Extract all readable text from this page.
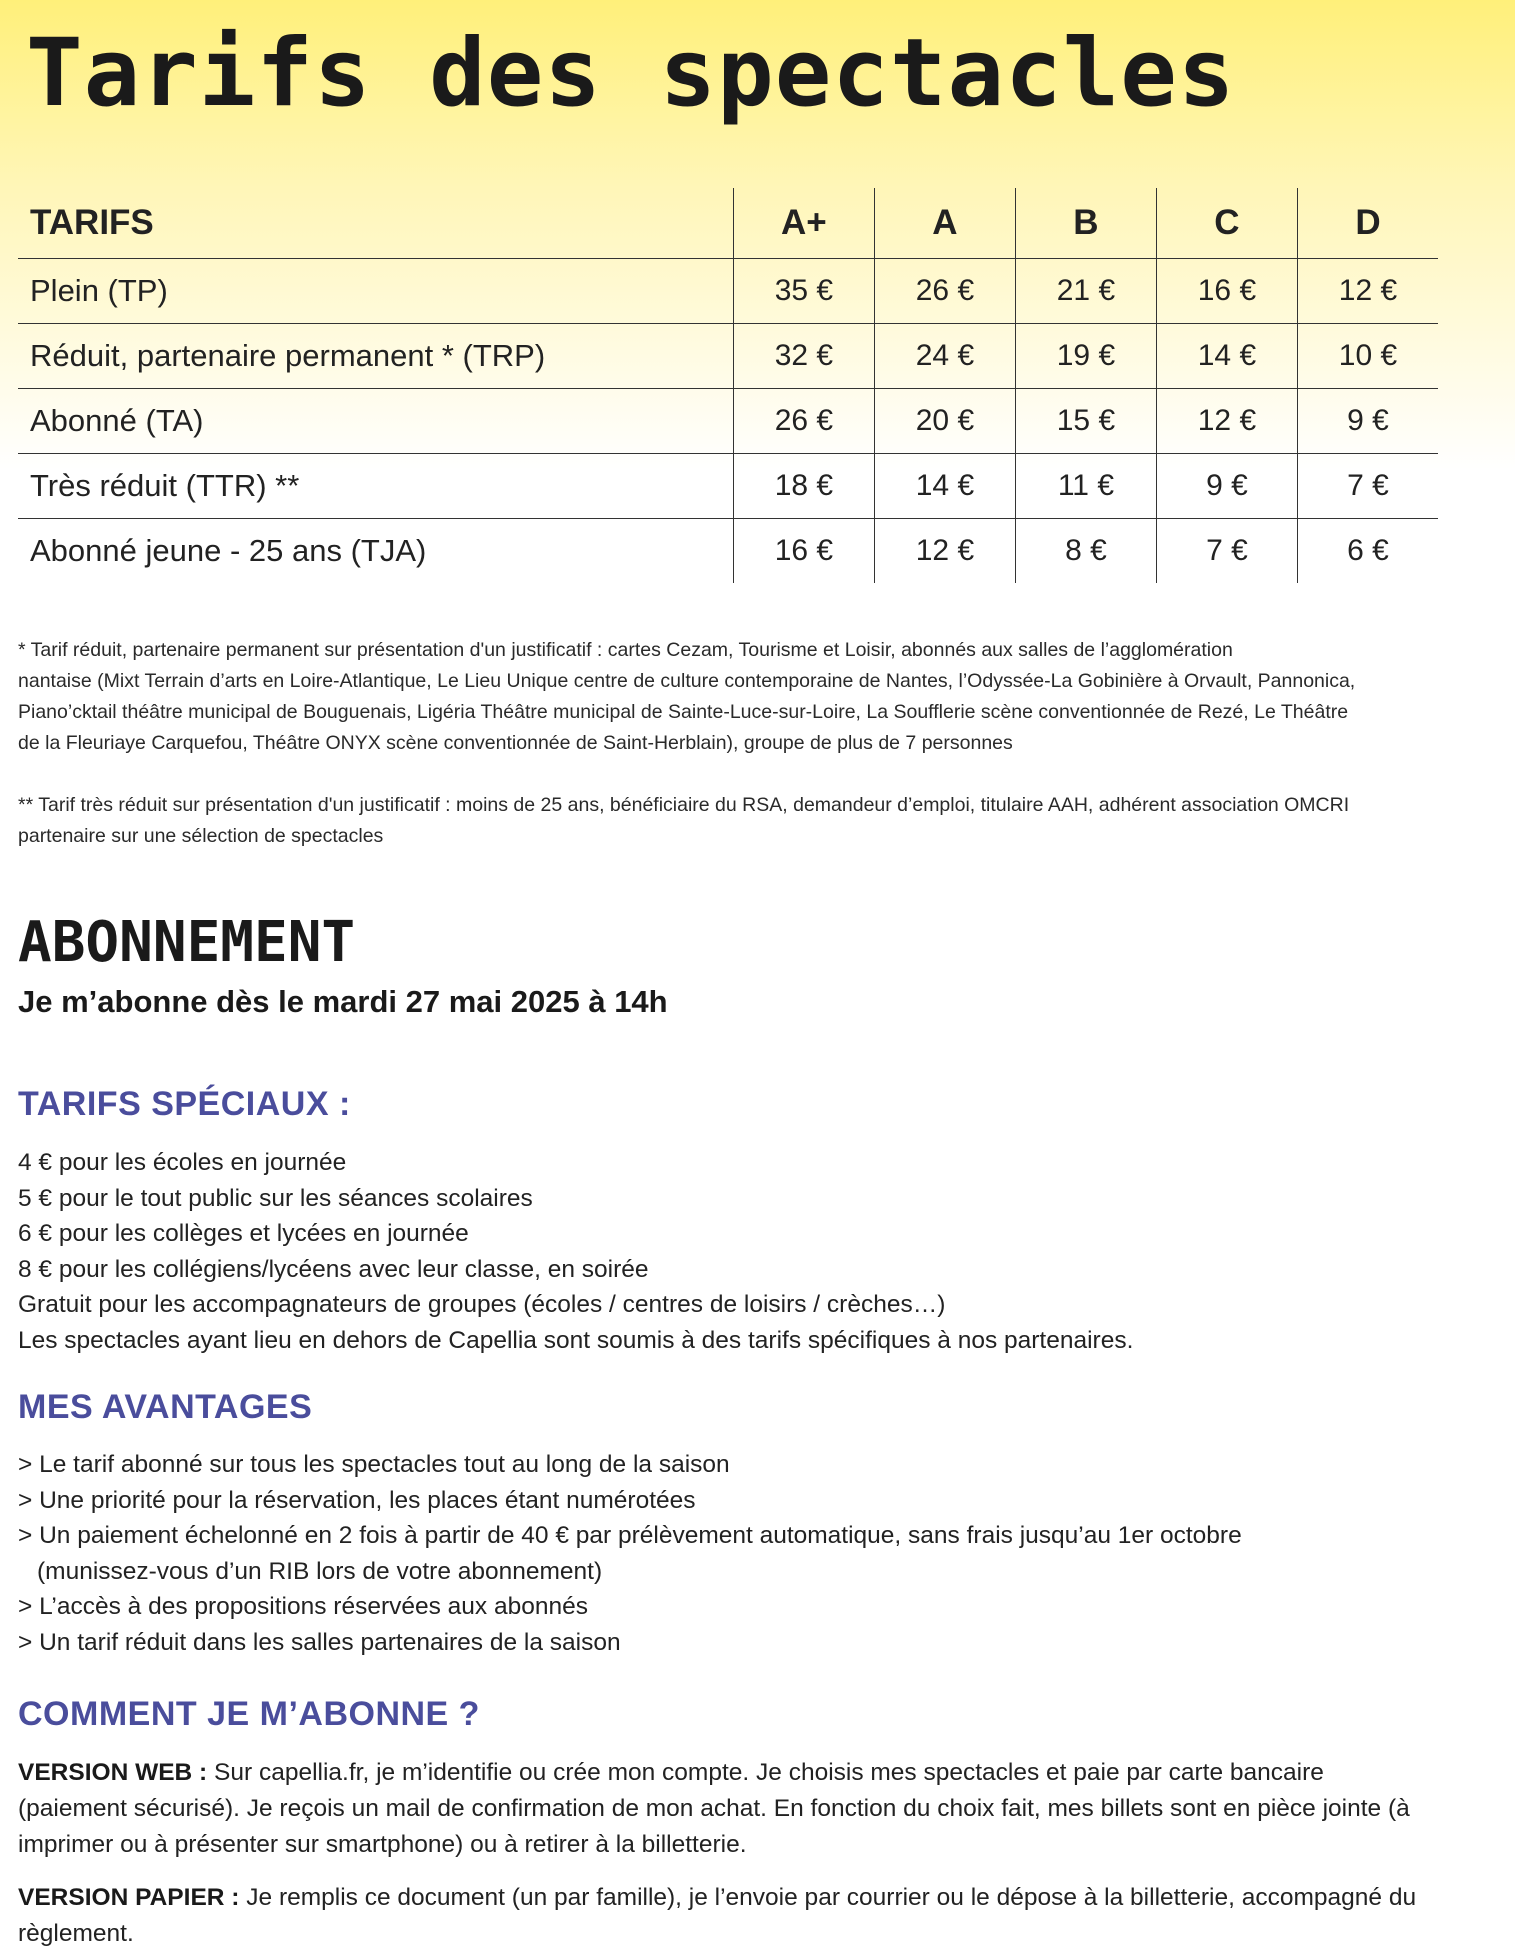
Tarifs des spectacles
TARIFS	A+	A	B	C	D
Plein (TP)	35 €	26 €	21 €	16 €	12 €
Réduit, partenaire permanent * (TRP)	32 €	24 €	19 €	14 €	10 €
Abonné (TA)	26 €	20 €	15 €	12 €	9 €
Très réduit (TTR) **	18 €	14 €	11 €	9 €	7 €
Abonné jeune - 25 ans (TJA)	16 €	12 €	8 €	7 €	6 €
* Tarif réduit, partenaire permanent sur présentation d'un justificatif : cartes Cezam, Tourisme et Loisir, abonnés aux salles de l’agglomération
nantaise (Mixt Terrain d’arts en Loire-Atlantique, Le Lieu Unique centre de culture contemporaine de Nantes, l’Odyssée-La Gobinière à Orvault, Pannonica,
Piano’cktail théâtre municipal de Bouguenais, Ligéria Théâtre municipal de Sainte-Luce-sur-Loire, La Soufflerie scène conventionnée de Rezé, Le Théâtre
de la Fleuriaye Carquefou, Théâtre ONYX scène conventionnée de Saint-Herblain), groupe de plus de 7 personnes
** Tarif très réduit sur présentation d'un justificatif : moins de 25 ans, bénéficiaire du RSA, demandeur d’emploi, titulaire AAH, adhérent association OMCRI
partenaire sur une sélection de spectacles
ABONNEMENT

Je m’abonne dès le mardi 27 mai 2025 à 14h

TARIFS SPÉCIAUX :
4 € pour les écoles en journée
5 € pour le tout public sur les séances scolaires
6 € pour les collèges et lycées en journée
8 € pour les collégiens/lycéens avec leur classe, en soirée
Gratuit pour les accompagnateurs de groupes (écoles / centres de loisirs / crèches…)
Les spectacles ayant lieu en dehors de Capellia sont soumis à des tarifs spécifiques à nos partenaires.
MES AVANTAGES
> Le tarif abonné sur tous les spectacles tout au long de la saison
> Une priorité pour la réservation, les places étant numérotées
> Un paiement échelonné en 2 fois à partir de 40 € par prélèvement automatique, sans frais jusqu’au 1er octobre
(munissez-vous d’un RIB lors de votre abonnement)
> L’accès à des propositions réservées aux abonnés
> Un tarif réduit dans les salles partenaires de la saison
COMMENT JE M’ABONNE ?

VERSION WEB : Sur capellia.fr, je m’identifie ou crée mon compte. Je choisis mes spectacles et paie par carte bancaire (paiement sécurisé). Je reçois un mail de confirmation de mon achat. En fonction du choix fait, mes billets sont en pièce jointe (à imprimer ou à présenter sur smartphone) ou à retirer à la billetterie.

VERSION PAPIER : Je remplis ce document (un par famille), je l’envoie par courrier ou le dépose à la billetterie, accompagné du règlement.
